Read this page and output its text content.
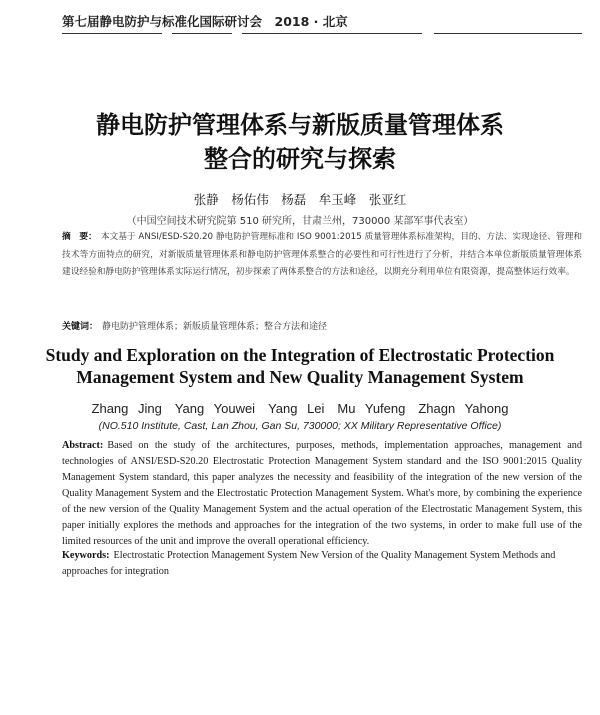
第七届静电防护与标准化国际研讨会　2018 · 北京
静电防护管理体系与新版质量管理体系
整合的研究与探索
张静　杨佑伟　杨磊　牟玉峰　张亚红
（中国空间技术研究院第 510 研究所，甘肃兰州，730000 某部军事代表室）
摘　要： 本文基于 ANSI/ESD-S20.20 静电防护管理标准和 ISO 9001:2015 质量管理体系标准架构，目的、方法、实现途径、管理和技术等方面特点的研究，对新版质量管理体系和静电防护管理体系整合的必要性和可行性进行了分析，并结合本单位新版质量管理体系建设经验和静电防护管理体系实际运行情况，初步探索了两体系整合的方法和途径，以期充分利用单位有限资源，提高整体运行效率。
关键词： 静电防护管理体系；新版质量管理体系；整合方法和途径
Study and Exploration on the Integration of Electrostatic Protection
Management System and New Quality Management System
Zhang Jing　Yang Youwei　Yang Lei　Mu Yufeng　Zhagn Yahong
(NO.510 Institute, Cast, Lan Zhou, Gan Su, 730000; XX Military Representative Office)
Abstract: Based on the study of the architectures, purposes, methods, implementation approaches, management and technologies of ANSI/ESD-S20.20 Electrostatic Protection Management System standard and the ISO 9001:2015 Quality Management System standard, this paper analyzes the necessity and feasibility of the integration of the new version of the Quality Management System and the Electrostatic Protection Management System. What's more, by combining the experience of the new version of the Quality Management System and the actual operation of the Electrostatic Management System, this paper initially explores the methods and approaches for the integration of the two systems, in order to make full use of the limited resources of the unit and improve the overall operational efficiency.
Keywords: Electrostatic Protection Management System New Version of the Quality Management System Methods and approaches for integration
